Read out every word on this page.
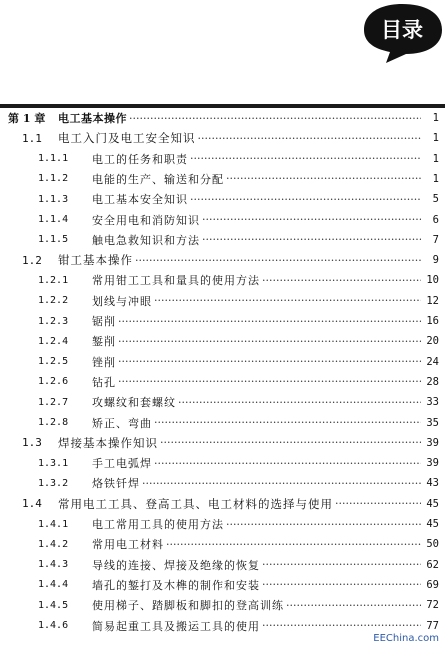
目录
第 1 章	电工基本操作 ·····	1
1.1	电工入门及电工安全知识 ·····	1
1.1.1	电工的任务和职责 ·····	1
1.1.2	电能的生产、输送和分配 ·····	1
1.1.3	电工基本安全知识 ·····	5
1.1.4	安全用电和消防知识 ·····	6
1.1.5	触电急救知识和方法 ·····	7
1.2	钳工基本操作 ·····	9
1.2.1	常用钳工工具和量具的使用方法 ·····	10
1.2.2	划线与冲眼 ·····	12
1.2.3	锯削 ·····	16
1.2.4	錾削 ·····	20
1.2.5	锉削 ·····	24
1.2.6	钻孔 ·····	28
1.2.7	攻螺纹和套螺纹 ·····	33
1.2.8	矫正、弯曲 ·····	35
1.3	焊接基本操作知识 ·····	39
1.3.1	手工电弧焊 ·····	39
1.3.2	烙铁钎焊 ·····	43
1.4	常用电工工具、登高工具、电工材料的选择与使用 ·····	45
1.4.1	电工常用工具的使用方法 ·····	45
1.4.2	常用电工材料 ·····	50
1.4.3	导线的连接、焊接及绝缘的恢复 ·····	62
1.4.4	墙孔的錾打及木榫的制作和安装 ·····	69
1.4.5	使用梯子、踏脚板和脚扣的登高训练 ·····	72
1.4.6	简易起重工具及搬运工具的使用 ·····	77
EEChina.com
